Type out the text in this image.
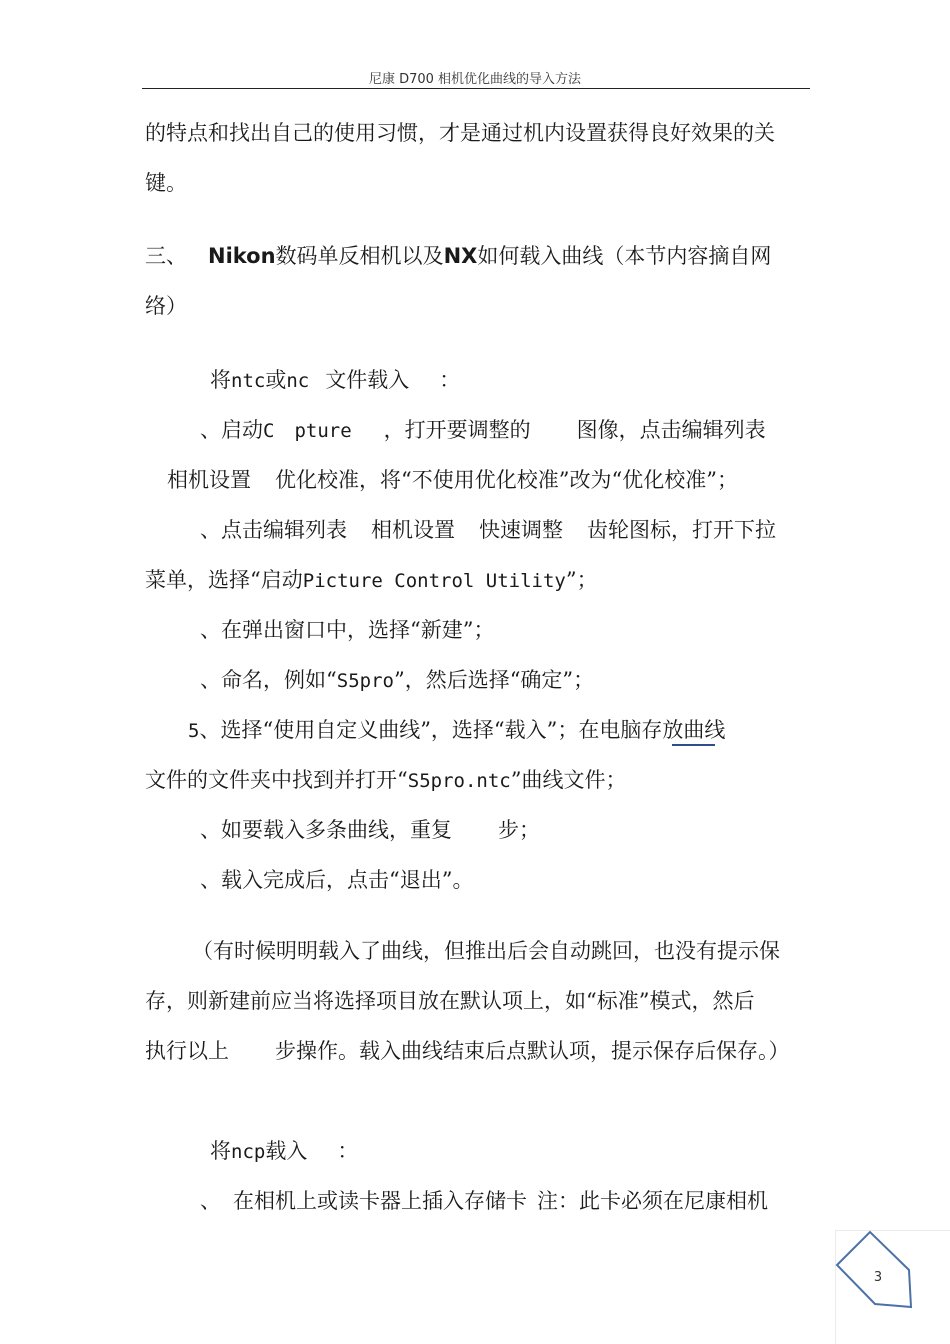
尼康 D700 相机优化曲线的导入方法
的特点和找出自己的使用习惯，才是通过机内设置获得良好效果的关
键。
三、 Nikon数码单反相机以及NX如何载入曲线（本节内容摘自网
络）
将ntc或nc 文件载入 ：
、启动C pture ，打开要调整的 图像，点击编辑列表
相机设置 优化校准，将“不使用优化校准”改为“优化校准”；
、点击编辑列表 相机设置 快速调整 齿轮图标，打开下拉
菜单，选择“启动Picture Control Utility”；
、在弹出窗口中，选择“新建”；
、命名，例如“S5pro”，然后选择“确定”；
5、选择“使用自定义曲线”，选择“载入”；在电脑存放曲线
文件的文件夹中找到并打开“S5pro.ntc”曲线文件；
、如要载入多条曲线，重复 步；
、载入完成后，点击“退出”。
（有时候明明载入了曲线，但推出后会自动跳回，也没有提示保
存，则新建前应当将选择项目放在默认项上，如“标准”模式，然后
执行以上 步操作。载入曲线结束后点默认项，提示保存后保存。）
将ncp载入 ：
、 在相机上或读卡器上插入存储卡 注：此卡必须在尼康相机
3
